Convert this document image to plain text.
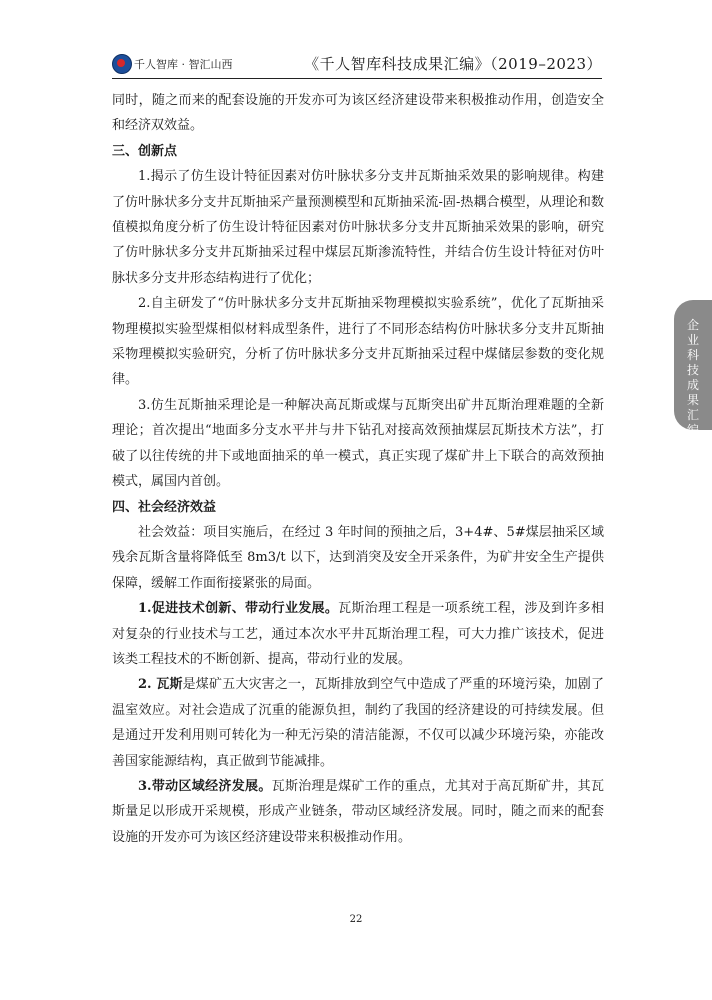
千人智库 · 智汇山西	《千人智库科技成果汇编》（2019–2023）

同时，随之而来的配套设施的开发亦可为该区经济建设带来积极推动作用，创造安全和经济双效益。

三、创新点

1.揭示了仿生设计特征因素对仿叶脉状多分支井瓦斯抽采效果的影响规律。构建了仿叶脉状多分支井瓦斯抽采产量预测模型和瓦斯抽采流-固-热耦合模型，从理论和数值模拟角度分析了仿生设计特征因素对仿叶脉状多分支井瓦斯抽采效果的影响，研究了仿叶脉状多分支井瓦斯抽采过程中煤层瓦斯渗流特性，并结合仿生设计特征对仿叶脉状多分支井形态结构进行了优化；

2.自主研发了“仿叶脉状多分支井瓦斯抽采物理模拟实验系统”，优化了瓦斯抽采物理模拟实验型煤相似材料成型条件，进行了不同形态结构仿叶脉状多分支井瓦斯抽采物理模拟实验研究，分析了仿叶脉状多分支井瓦斯抽采过程中煤储层参数的变化规律。

3.仿生瓦斯抽采理论是一种解决高瓦斯或煤与瓦斯突出矿井瓦斯治理难题的全新理论；首次提出“地面多分支水平井与井下钻孔对接高效预抽煤层瓦斯技术方法”，打破了以往传统的井下或地面抽采的单一模式，真正实现了煤矿井上下联合的高效预抽模式，属国内首创。

四、社会经济效益

社会效益：项目实施后，在经过 3 年时间的预抽之后，3+4#、5#煤层抽采区域残余瓦斯含量将降低至 8m3/t 以下，达到消突及安全开采条件，为矿井安全生产提供保障，缓解工作面衔接紧张的局面。

1.促进技术创新、带动行业发展。瓦斯治理工程是一项系统工程，涉及到许多相对复杂的行业技术与工艺，通过本次水平井瓦斯治理工程，可大力推广该技术，促进该类工程技术的不断创新、提高，带动行业的发展。

2. 瓦斯是煤矿五大灾害之一，瓦斯排放到空气中造成了严重的环境污染，加剧了温室效应。对社会造成了沉重的能源负担，制约了我国的经济建设的可持续发展。但是通过开发利用则可转化为一种无污染的清洁能源，不仅可以减少环境污染，亦能改善国家能源结构，真正做到节能减排。

3.带动区域经济发展。瓦斯治理是煤矿工作的重点，尤其对于高瓦斯矿井，其瓦斯量足以形成开采规模，形成产业链条，带动区域经济发展。同时，随之而来的配套设施的开发亦可为该区经济建设带来积极推动作用。

企业科技成果汇编
22
